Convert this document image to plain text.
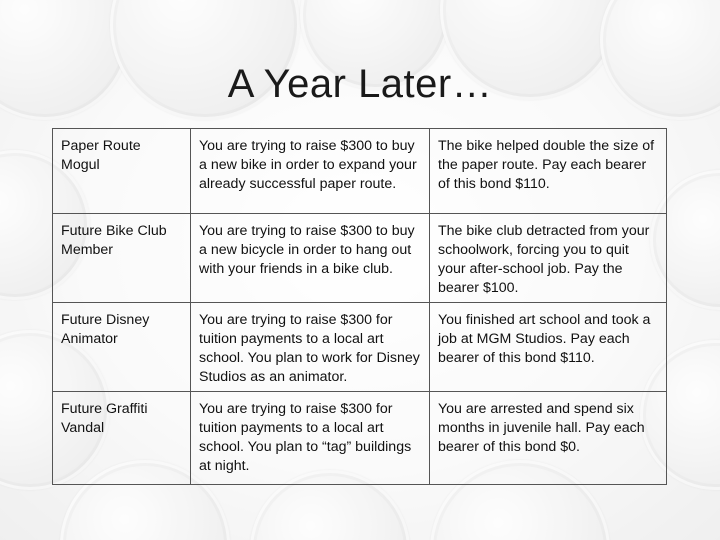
A Year Later…
Paper Route Mogul	You are trying to raise $300 to buy a new bike in order to expand your already successful paper route.	The bike helped double the size of the paper route. Pay each bearer of this bond $110.
Future Bike Club Member	You are trying to raise $300 to buy a new bicycle in order to hang out with your friends in a bike club.	The bike club detracted from your schoolwork, forcing you to quit your after-school job. Pay the bearer $100.
Future Disney Animator	You are trying to raise $300 for tuition payments to a local art school. You plan to work for Disney Studios as an animator.	You finished art school and took a job at MGM Studios. Pay each bearer of this bond $110.
Future Graffiti Vandal	You are trying to raise $300 for tuition payments to a local art school. You plan to “tag” buildings at night.	You are arrested and spend six months in juvenile hall. Pay each bearer of this bond $0.
